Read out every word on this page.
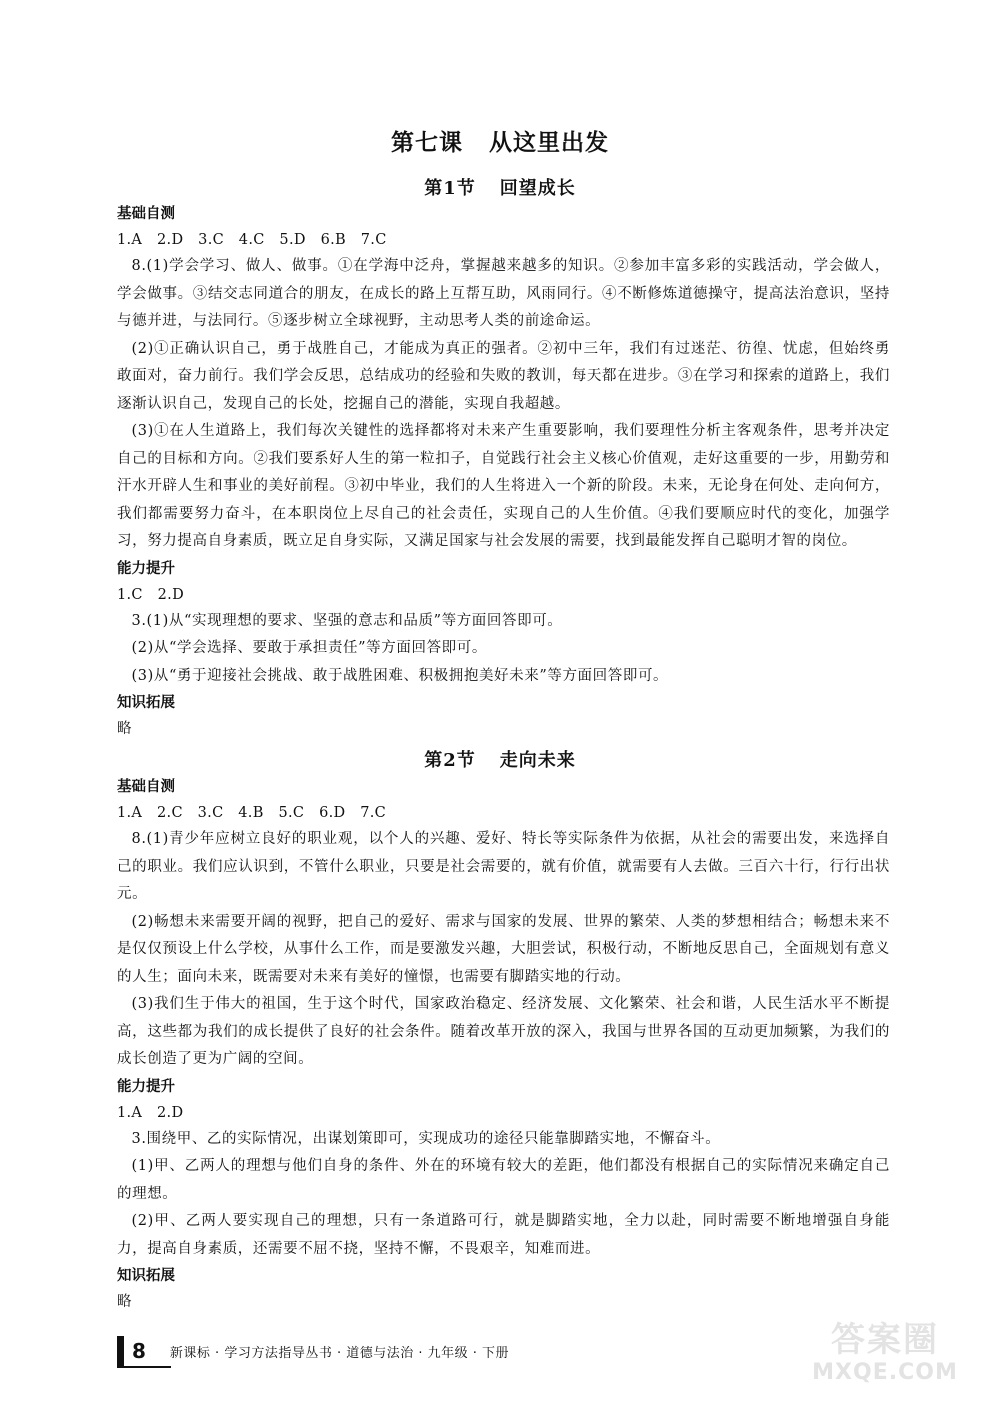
第七课 从这里出发
第1节 回望成长

基础自测

1.A　2.D　3.C　4.C　5.D　6.B　7.C

8.(1)学会学习、做人、做事。①在学海中泛舟，掌握越来越多的知识。②参加丰富多彩的实践活动，学会做人，学会做事。③结交志同道合的朋友，在成长的路上互帮互助，风雨同行。④不断修炼道德操守，提高法治意识，坚持与德并进，与法同行。⑤逐步树立全球视野，主动思考人类的前途命运。

(2)①正确认识自己，勇于战胜自己，才能成为真正的强者。②初中三年，我们有过迷茫、彷徨、忧虑，但始终勇敢面对，奋力前行。我们学会反思，总结成功的经验和失败的教训，每天都在进步。③在学习和探索的道路上，我们逐渐认识自己，发现自己的长处，挖掘自己的潜能，实现自我超越。

(3)①在人生道路上，我们每次关键性的选择都将对未来产生重要影响，我们要理性分析主客观条件，思考并决定自己的目标和方向。②我们要系好人生的第一粒扣子，自觉践行社会主义核心价值观，走好这重要的一步，用勤劳和汗水开辟人生和事业的美好前程。③初中毕业，我们的人生将进入一个新的阶段。未来，无论身在何处、走向何方，我们都需要努力奋斗，在本职岗位上尽自己的社会责任，实现自己的人生价值。④我们要顺应时代的变化，加强学习，努力提高自身素质，既立足自身实际，又满足国家与社会发展的需要，找到最能发挥自己聪明才智的岗位。

能力提升

1.C　2.D

3.(1)从“实现理想的要求、坚强的意志和品质”等方面回答即可。

(2)从“学会选择、要敢于承担责任”等方面回答即可。

(3)从“勇于迎接社会挑战、敢于战胜困难、积极拥抱美好未来”等方面回答即可。

知识拓展

略

第2节 走向未来

基础自测

1.A　2.C　3.C　4.B　5.C　6.D　7.C

8.(1)青少年应树立良好的职业观，以个人的兴趣、爱好、特长等实际条件为依据，从社会的需要出发，来选择自己的职业。我们应认识到，不管什么职业，只要是社会需要的，就有价值，就需要有人去做。三百六十行，行行出状元。

(2)畅想未来需要开阔的视野，把自己的爱好、需求与国家的发展、世界的繁荣、人类的梦想相结合；畅想未来不是仅仅预设上什么学校，从事什么工作，而是要激发兴趣，大胆尝试，积极行动，不断地反思自己，全面规划有意义的人生；面向未来，既需要对未来有美好的憧憬，也需要有脚踏实地的行动。

(3)我们生于伟大的祖国，生于这个时代，国家政治稳定、经济发展、文化繁荣、社会和谐，人民生活水平不断提高，这些都为我们的成长提供了良好的社会条件。随着改革开放的深入，我国与世界各国的互动更加频繁，为我们的成长创造了更为广阔的空间。

能力提升

1.A　2.D

3.围绕甲、乙的实际情况，出谋划策即可，实现成功的途径只能靠脚踏实地，不懈奋斗。

(1)甲、乙两人的理想与他们自身的条件、外在的环境有较大的差距，他们都没有根据自己的实际情况来确定自己的理想。

(2)甲、乙两人要实现自己的理想，只有一条道路可行，就是脚踏实地，全力以赴，同时需要不断地增强自身能力，提高自身素质，还需要不屈不挠，坚持不懈，不畏艰辛，知难而进。

知识拓展

略

8 新课标 · 学习方法指导丛书 · 道德与法治 · 九年级 · 下册	答案圈
MXQE.COM
